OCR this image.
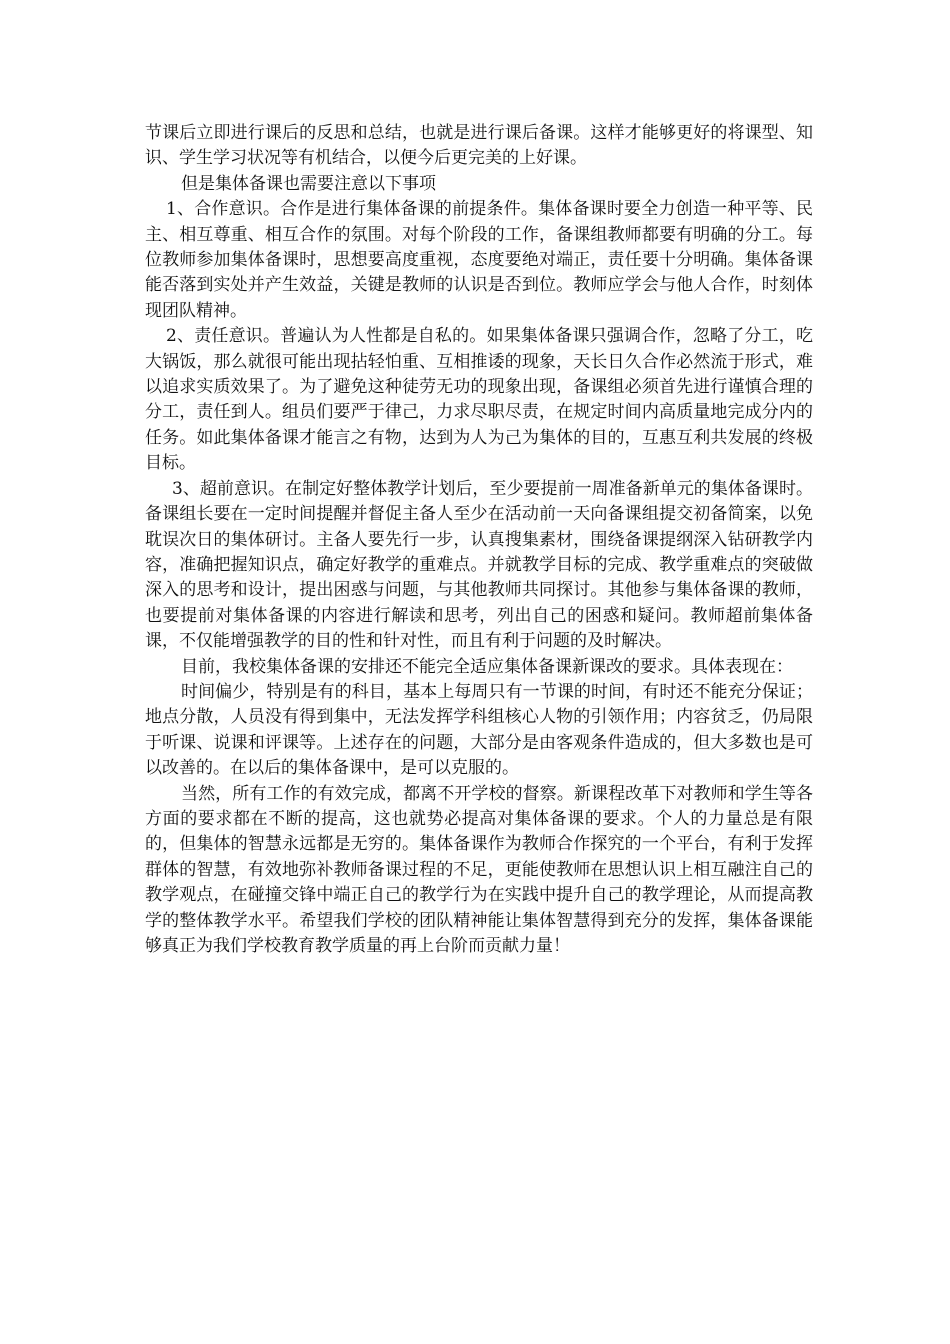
节课后立即进行课后的反思和总结，也就是进行课后备课。这样才能够更好的将课型、知识、学生学习状况等有机结合，以便今后更完美的上好课。

但是集体备课也需要注意以下事项

1、合作意识。合作是进行集体备课的前提条件。集体备课时要全力创造一种平等、民主、相互尊重、相互合作的氛围。对每个阶段的工作，备课组教师都要有明确的分工。每位教师参加集体备课时，思想要高度重视，态度要绝对端正，责任要十分明确。集体备课能否落到实处并产生效益，关键是教师的认识是否到位。教师应学会与他人合作，时刻体现团队精神。

2、责任意识。普遍认为人性都是自私的。如果集体备课只强调合作，忽略了分工，吃大锅饭，那么就很可能出现拈轻怕重、互相推诿的现象，天长日久合作必然流于形式，难以追求实质效果了。为了避免这种徒劳无功的现象出现，备课组必须首先进行谨慎合理的分工，责任到人。组员们要严于律己，力求尽职尽责，在规定时间内高质量地完成分内的任务。如此集体备课才能言之有物，达到为人为己为集体的目的，互惠互利共发展的终极目标。

3、超前意识。在制定好整体教学计划后，至少要提前一周准备新单元的集体备课时。备课组长要在一定时间提醒并督促主备人至少在活动前一天向备课组提交初备简案，以免耽误次日的集体研讨。主备人要先行一步，认真搜集素材，围绕备课提纲深入钻研教学内容，准确把握知识点，确定好教学的重难点。并就教学目标的完成、教学重难点的突破做深入的思考和设计，提出困惑与问题，与其他教师共同探讨。其他参与集体备课的教师，也要提前对集体备课的内容进行解读和思考，列出自己的困惑和疑问。教师超前集体备课，不仅能增强教学的目的性和针对性，而且有利于问题的及时解决。

目前，我校集体备课的安排还不能完全适应集体备课新课改的要求。具体表现在：

时间偏少，特别是有的科目，基本上每周只有一节课的时间，有时还不能充分保证；地点分散，人员没有得到集中，无法发挥学科组核心人物的引领作用；内容贫乏，仍局限于听课、说课和评课等。上述存在的问题，大部分是由客观条件造成的，但大多数也是可以改善的。在以后的集体备课中，是可以克服的。

当然，所有工作的有效完成，都离不开学校的督察。新课程改革下对教师和学生等各方面的要求都在不断的提高，这也就势必提高对集体备课的要求。个人的力量总是有限的，但集体的智慧永远都是无穷的。集体备课作为教师合作探究的一个平台，有利于发挥群体的智慧，有效地弥补教师备课过程的不足，更能使教师在思想认识上相互融注自己的教学观点，在碰撞交锋中端正自己的教学行为在实践中提升自己的教学理论，从而提高教学的整体教学水平。希望我们学校的团队精神能让集体智慧得到充分的发挥，集体备课能够真正为我们学校教育教学质量的再上台阶而贡献力量！
